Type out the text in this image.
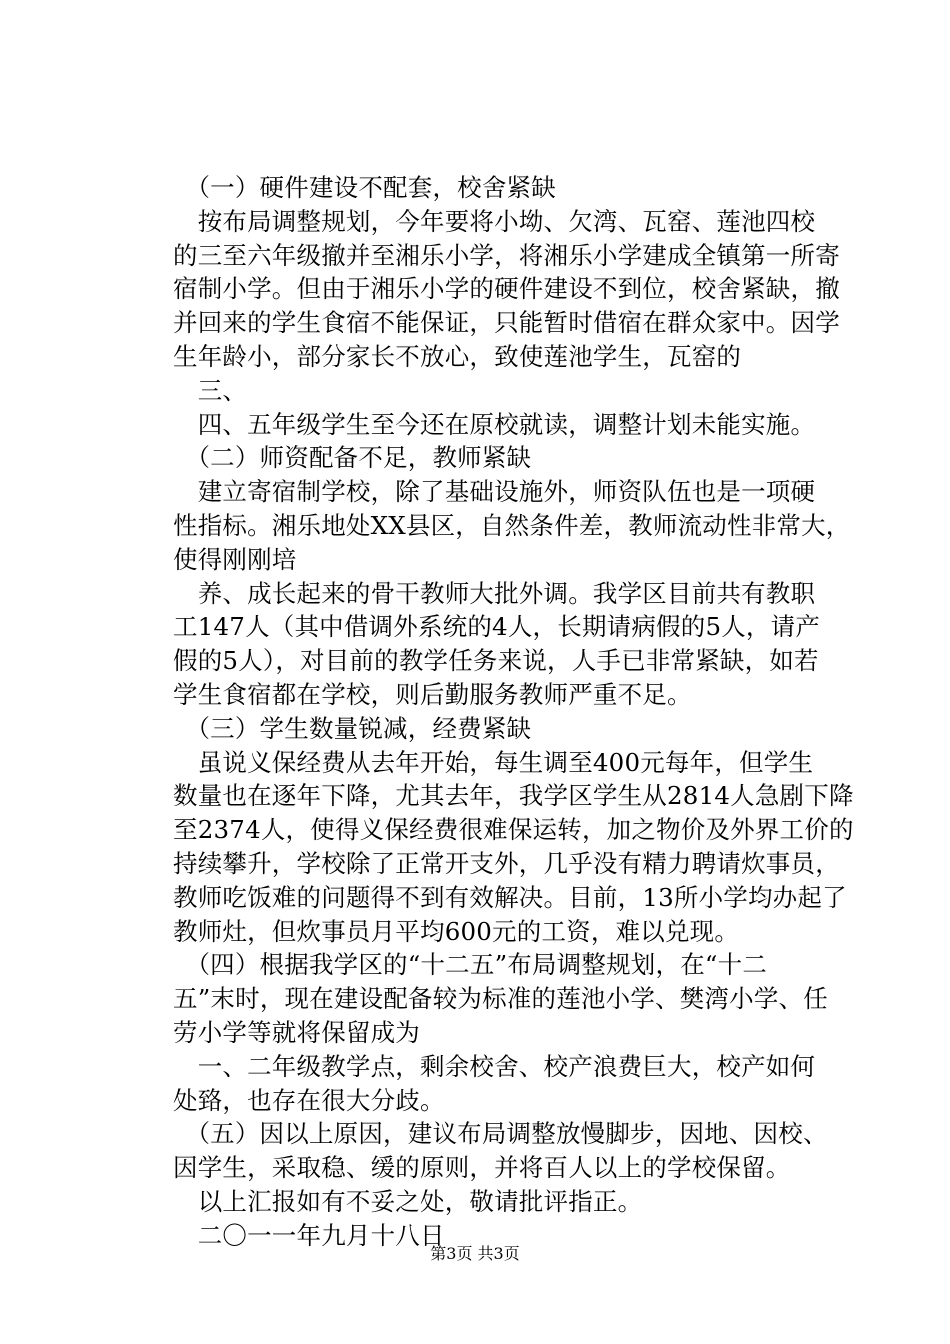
　（一）硬件建设不配套，校舍紧缺
　按布局调整规划，今年要将小坳、欠湾、瓦窑、莲池四校
的三至六年级撤并至湘乐小学，将湘乐小学建成全镇第一所寄
宿制小学。但由于湘乐小学的硬件建设不到位，校舍紧缺，撤
并回来的学生食宿不能保证，只能暂时借宿在群众家中。因学
生年龄小，部分家长不放心，致使莲池学生，瓦窑的
　三、
　四、五年级学生至今还在原校就读，调整计划未能实施。
　（二）师资配备不足，教师紧缺
　建立寄宿制学校，除了基础设施外，师资队伍也是一项硬
性指标。湘乐地处XX县区，自然条件差，教师流动性非常大，
使得刚刚培
　养、成长起来的骨干教师大批外调。我学区目前共有教职
工147人（其中借调外系统的4人，长期请病假的5人，请产
假的5人），对目前的教学任务来说，人手已非常紧缺，如若
学生食宿都在学校，则后勤服务教师严重不足。
　（三）学生数量锐减，经费紧缺
　虽说义保经费从去年开始，每生调至400元每年，但学生
数量也在逐年下降，尤其去年，我学区学生从2814人急剧下降
至2374人，使得义保经费很难保运转，加之物价及外界工价的
持续攀升，学校除了正常开支外，几乎没有精力聘请炊事员，
教师吃饭难的问题得不到有效解决。目前，13所小学均办起了
教师灶，但炊事员月平均600元的工资，难以兑现。
　（四）根据我学区的“十二五”布局调整规划，在“十二
五”末时，现在建设配备较为标准的莲池小学、樊湾小学、任
劳小学等就将保留成为
　一、二年级教学点，剩余校舍、校产浪费巨大，校产如何
处臵，也存在很大分歧。
　（五）因以上原因，建议布局调整放慢脚步，因地、因校、
因学生，采取稳、缓的原则，并将百人以上的学校保留。
　以上汇报如有不妥之处，敬请批评指正。
　二〇一一年九月十八日
第3页 共3页
